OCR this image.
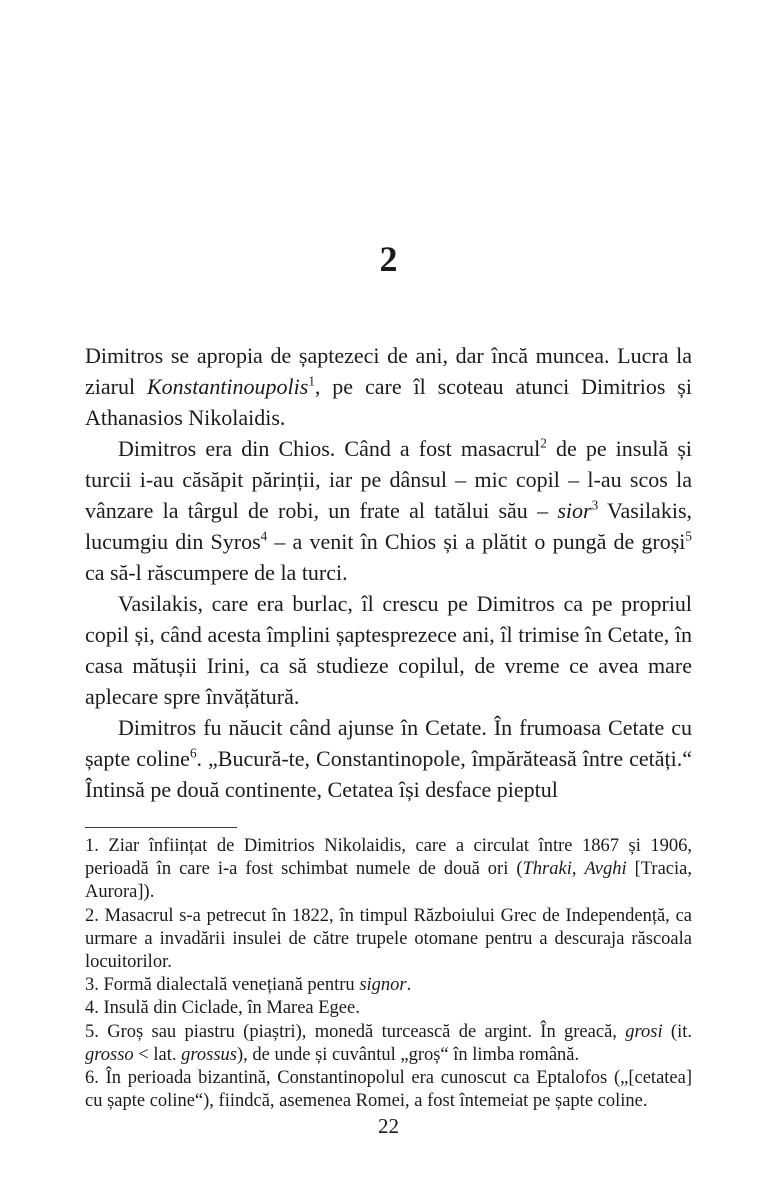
2

Dimitros se apropia de șaptezeci de ani, dar încă muncea. Lucra la ziarul Konstantinoupolis$^1$, pe care îl scoteau atunci Dimitrios și Athanasios Nikolaidis.

Dimitros era din Chios. Când a fost masacrul$^2$ de pe insulă și turcii i-au căsăpit părinții, iar pe dânsul – mic copil – l-au scos la vânzare la târgul de robi, un frate al tatălui său – sior$^3$ Vasilakis, lucumgiu din Syros$^4$ – a venit în Chios și a plătit o pungă de groși$^5$ ca să-l răscumpere de la turci.

Vasilakis, care era burlac, îl crescu pe Dimitros ca pe propriul copil și, când acesta împlini șaptesprezece ani, îl trimise în Cetate, în casa mătușii Irini, ca să studieze copilul, de vreme ce avea mare aplecare spre învățătură.

Dimitros fu năucit când ajunse în Cetate. În frumoasa Cetate cu șapte coline$^6$. „Bucură-te, Constantinopole, împărăteasă între cetăți.“ Întinsă pe două continente, Cetatea își desface pieptul

1. Ziar înființat de Dimitrios Nikolaidis, care a circulat între 1867 și 1906, perioadă în care i-a fost schimbat numele de două ori (Thraki, Avghi [Tracia, Aurora]).

2. Masacrul s-a petrecut în 1822, în timpul Războiului Grec de Independență, ca urmare a invadării insulei de către trupele otomane pentru a descuraja răscoala locuitorilor.

3. Formă dialectală venețiană pentru signor.

4. Insulă din Ciclade, în Marea Egee.

5. Groș sau piastru (piaștri), monedă turcească de argint. În greacă, grosi (it. grosso < lat. grossus), de unde și cuvântul „groș“ în limba română.

6. În perioada bizantină, Constantinopolul era cunoscut ca Eptalofos („[cetatea] cu șapte coline“), fiindcă, asemenea Romei, a fost întemeiat pe șapte coline.

22
